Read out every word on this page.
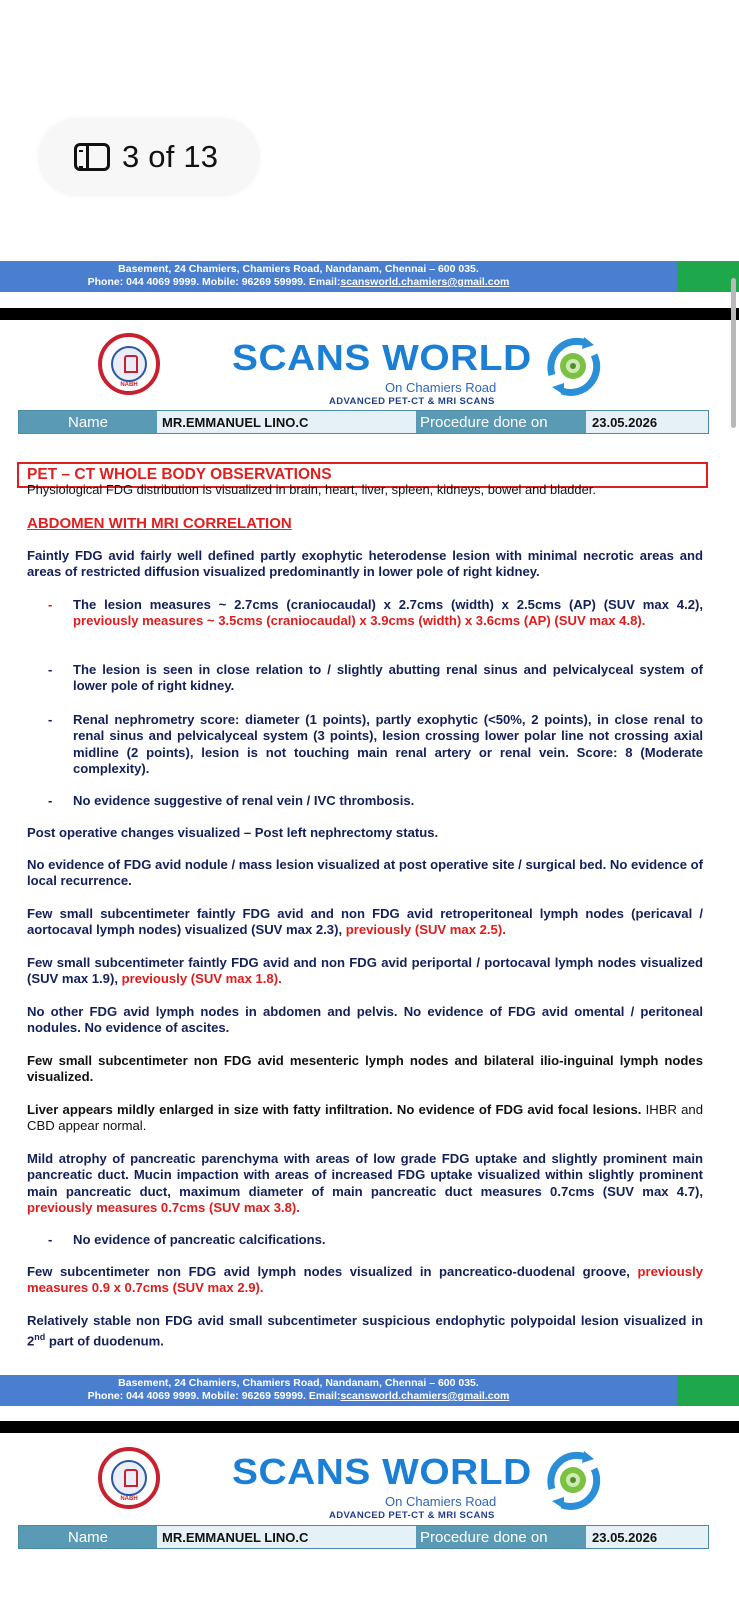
3 of 13
Basement, 24 Chamiers, Chamiers Road, Nandanam, Chennai – 600 035.
Phone: 044 4069 9999. Mobile: 96269 59999. Email:scansworld.chamiers@gmail.com
NABH
SCANS WORLD
On Chamiers Road
ADVANCED PET-CT & MRI SCANS
Name	MR.EMMANUEL LINO.C	Procedure done on	23.05.2026
PET – CT WHOLE BODY OBSERVATIONS
Physiological FDG distribution is visualized in brain, heart, liver, spleen, kidneys, bowel and bladder.
ABDOMEN WITH MRI CORRELATION
Faintly FDG avid fairly well defined partly exophytic heterodense lesion with minimal necrotic areas and areas of restricted diffusion visualized predominantly in lower pole of right kidney.
-	The lesion measures ~ 2.7cms (craniocaudal) x 2.7cms (width) x 2.5cms (AP) (SUV max 4.2), previously measures ~ 3.5cms (craniocaudal) x 3.9cms (width) x 3.6cms (AP) (SUV max 4.8).
-	The lesion is seen in close relation to / slightly abutting renal sinus and pelvicalyceal system of lower pole of right kidney.
-	Renal nephrometry score: diameter (1 points), partly exophytic (<50%, 2 points), in close renal to renal sinus and pelvicalyceal system (3 points), lesion crossing lower polar line not crossing axial midline (2 points), lesion is not touching main renal artery or renal vein. Score: 8 (Moderate complexity).
-	No evidence suggestive of renal vein / IVC thrombosis.
Post operative changes visualized – Post left nephrectomy status.
No evidence of FDG avid nodule / mass lesion visualized at post operative site / surgical bed. No evidence of local recurrence.
Few small subcentimeter faintly FDG avid and non FDG avid retroperitoneal lymph nodes (pericaval / aortocaval lymph nodes) visualized (SUV max 2.3), previously (SUV max 2.5).
Few small subcentimeter faintly FDG avid and non FDG avid periportal / portocaval lymph nodes visualized (SUV max 1.9), previously (SUV max 1.8).
No other FDG avid lymph nodes in abdomen and pelvis. No evidence of FDG avid omental / peritoneal nodules. No evidence of ascites.
Few small subcentimeter non FDG avid mesenteric lymph nodes and bilateral ilio-inguinal lymph nodes visualized.
Liver appears mildly enlarged in size with fatty infiltration. No evidence of FDG avid focal lesions. IHBR and CBD appear normal.
Mild atrophy of pancreatic parenchyma with areas of low grade FDG uptake and slightly prominent main pancreatic duct. Mucin impaction with areas of increased FDG uptake visualized within slightly prominent main pancreatic duct, maximum diameter of main pancreatic duct measures 0.7cms (SUV max 4.7), previously measures 0.7cms (SUV max 3.8).
-	No evidence of pancreatic calcifications.
Few subcentimeter non FDG avid lymph nodes visualized in pancreatico-duodenal groove, previously measures 0.9 x 0.7cms (SUV max 2.9).
Relatively stable non FDG avid small subcentimeter suspicious endophytic polypoidal lesion visualized in 2nd part of duodenum.
Basement, 24 Chamiers, Chamiers Road, Nandanam, Chennai – 600 035.
Phone: 044 4069 9999. Mobile: 96269 59999. Email:scansworld.chamiers@gmail.com
NABH
SCANS WORLD
On Chamiers Road
ADVANCED PET-CT & MRI SCANS
Name	MR.EMMANUEL LINO.C	Procedure done on	23.05.2026
